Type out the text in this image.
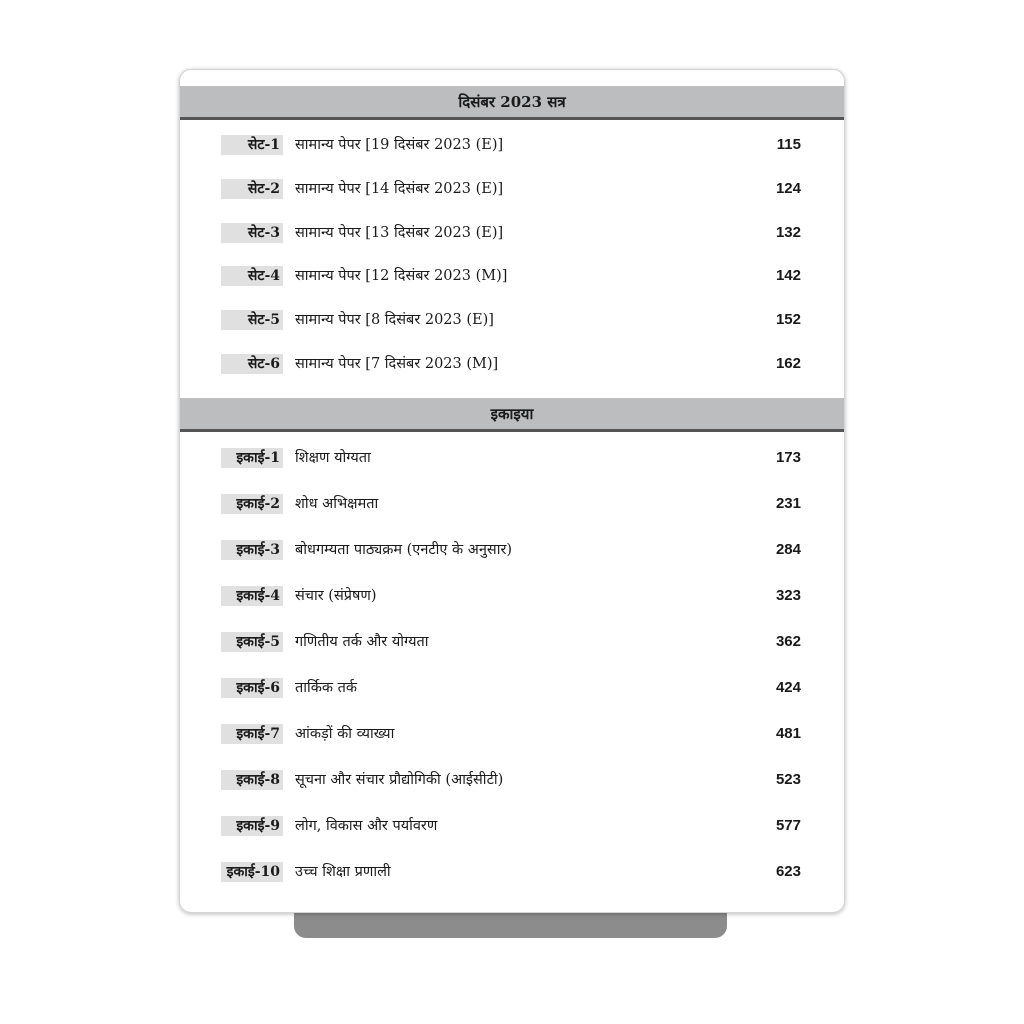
दिसंबर 2023 सत्र
सेट-1 सामान्य पेपर [19 दिसंबर 2023 (E)]	115
सेट-2 सामान्य पेपर [14 दिसंबर 2023 (E)]	124
सेट-3 सामान्य पेपर [13 दिसंबर 2023 (E)]	132
सेट-4 सामान्य पेपर [12 दिसंबर 2023 (M)]	142
सेट-5 सामान्य पेपर [8 दिसंबर 2023 (E)]	152
सेट-6 सामान्य पेपर [7 दिसंबर 2023 (M)]	162
इकाइया
इकाई-1 शिक्षण योग्यता	173
इकाई-2 शोध अभिक्षमता	231
इकाई-3 बोधगम्यता पाठ्यक्रम (एनटीए के अनुसार)	284
इकाई-4 संचार (संप्रेषण)	323
इकाई-5 गणितीय तर्क और योग्यता	362
इकाई-6 तार्किक तर्क	424
इकाई-7 आंकड़ों की व्याख्या	481
इकाई-8 सूचना और संचार प्रौद्योगिकी (आईसीटी)	523
इकाई-9 लोग, विकास और पर्यावरण	577
इकाई-10 उच्च शिक्षा प्रणाली	623
